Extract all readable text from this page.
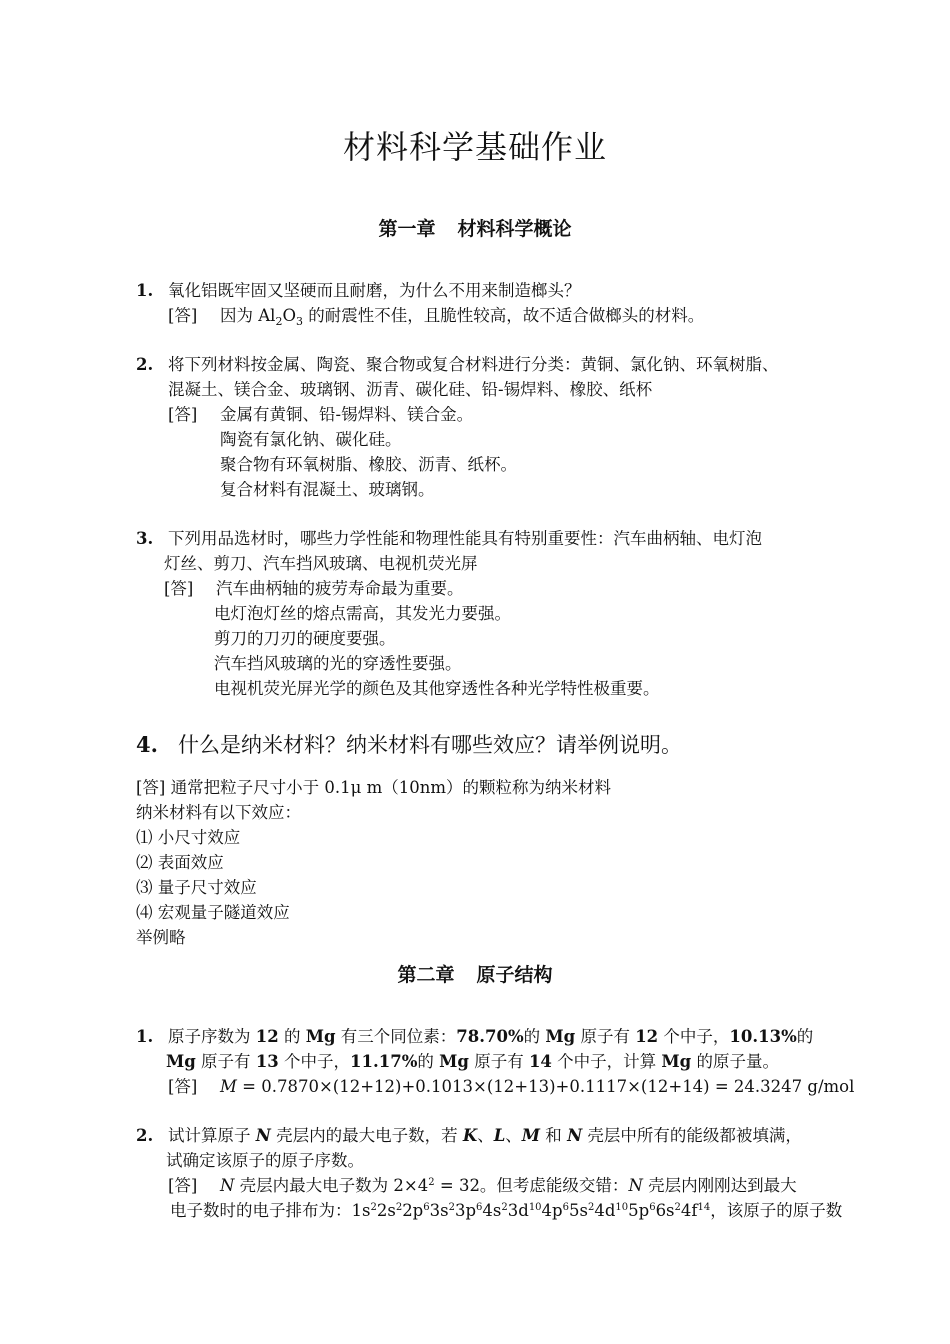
材料科学基础作业
第一章 材料科学概论
1. 氧化铝既牢固又坚硬而且耐磨，为什么不用来制造榔头？
[答] 因为 $Al_2O_3$ 的耐震性不佳，且脆性较高，故不适合做榔头的材料。
2. 将下列材料按金属、陶瓷、聚合物或复合材料进行分类：黄铜、氯化钠、环氧树脂、
混凝土、镁合金、玻璃钢、沥青、碳化硅、铅-锡焊料、橡胶、纸杯
[答] 金属有黄铜、铅-锡焊料、镁合金。
陶瓷有氯化钠、碳化硅。
聚合物有环氧树脂、橡胶、沥青、纸杯。
复合材料有混凝土、玻璃钢。
3. 下列用品选材时，哪些力学性能和物理性能具有特别重要性：汽车曲柄轴、电灯泡
灯丝、剪刀、汽车挡风玻璃、电视机荧光屏
[答] 汽车曲柄轴的疲劳寿命最为重要。
电灯泡灯丝的熔点需高，其发光力要强。
剪刀的刀刃的硬度要强。
汽车挡风玻璃的光的穿透性要强。
电视机荧光屏光学的颜色及其他穿透性各种光学特性极重要。
4. 什么是纳米材料？纳米材料有哪些效应？请举例说明。
[答] 通常把粒子尺寸小于 0.1μ m（10nm）的颗粒称为纳米材料
纳米材料有以下效应：
⑴ 小尺寸效应
⑵ 表面效应
⑶ 量子尺寸效应
⑷ 宏观量子隧道效应
举例略
第二章 原子结构
1. 原子序数为 12 的 Mg 有三个同位素：78.70%的 Mg 原子有 12 个中子，10.13%的
Mg 原子有 13 个中子，11.17%的 Mg 原子有 14 个中子，计算 Mg 的原子量。
[答] M = 0.7870×(12+12)+0.1013×(12+13)+0.1117×(12+14) = 24.3247 g/mol
2. 试计算原子 N 壳层内的最大电子数，若 K、L、M 和 N 壳层中所有的能级都被填满，
试确定该原子的原子序数。
[答] N 壳层内最大电子数为 $2\times 4^2 = 32$。但考虑能级交错：N 壳层内刚刚达到最大
电子数时的电子排布为：$1s^22s^22p^63s^23p^64s^23d^{10}4p^65s^24d^{10}5p^66s^24f^{14}$，该原子的原子数
